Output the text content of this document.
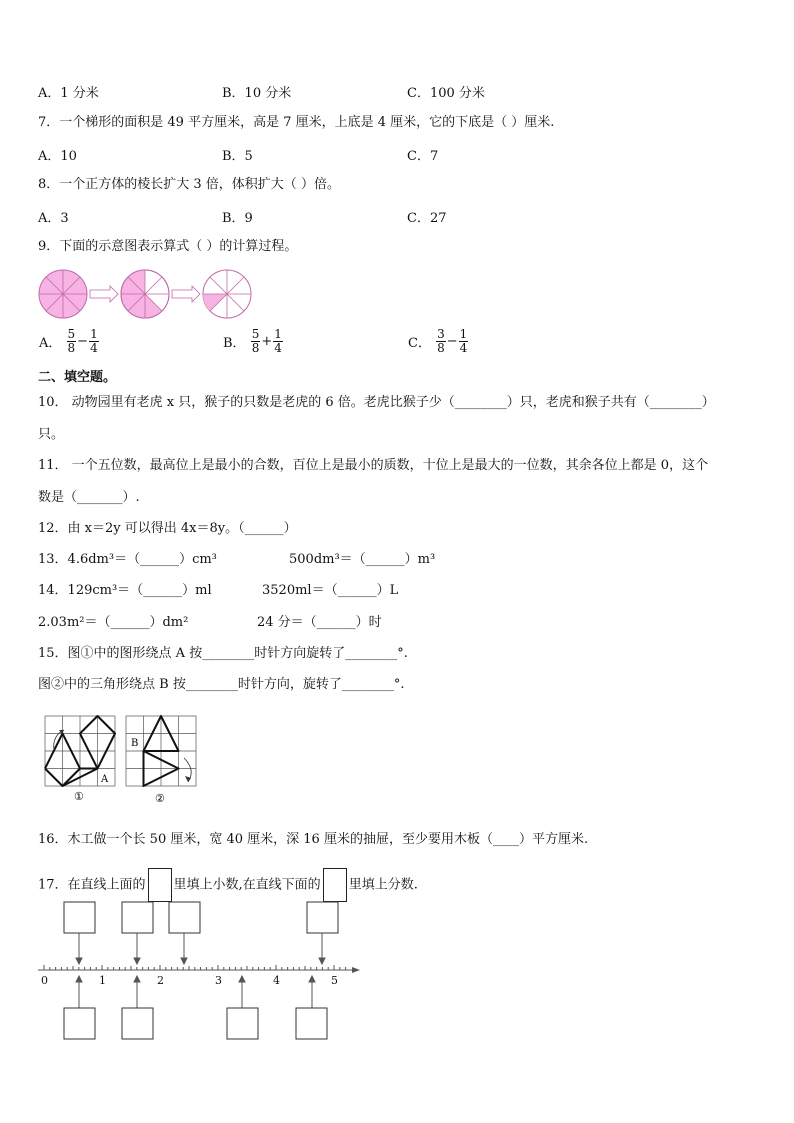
A．1 分米	B．10 分米	C．100 分米
7．一个梯形的面积是 49 平方厘米，高是 7 厘米，上底是 4 厘米，它的下底是（ ）厘米.
A．10	B．5	C．7
8．一个正方体的棱长扩大 3 倍，体积扩大（ ）倍。
A．3	B．9	C．27
9．下面的示意图表示算式（ ）的计算过程。
A． $\frac{5}{8} - \frac{1}{4}$	B． $\frac{5}{8} + \frac{1}{4}$	C． $\frac{3}{8} - \frac{1}{4}$
二、填空题。
10． 动物园里有老虎 x 只，猴子的只数是老虎的 6 倍。老虎比猴子少（________）只，老虎和猴子共有（________）
只。
11． 一个五位数，最高位上是最小的合数，百位上是最小的质数，十位上是最大的一位数，其余各位上都是 0，这个
数是（_______）.
12．由 x＝2y 可以得出 4x＝8y。（______）
13．4.6dm³＝（______）cm³	500dm³＝（______）m³
14．129cm³＝（______）ml	3520ml＝（______）L
2.03m²＝（______）dm²	24 分＝（______）时
15．图①中的图形绕点 A 按________时针方向旋转了________°.
图②中的三角形绕点 B 按________时针方向，旋转了________°.
A
①
B
②
16．木工做一个长 50 厘米，宽 40 厘米，深 16 厘米的抽屉，至少要用木板（____）平方厘米.
17．在直线上面的 里填上小数,在直线下面的 里填上分数.
0	1	2	3	4	5
